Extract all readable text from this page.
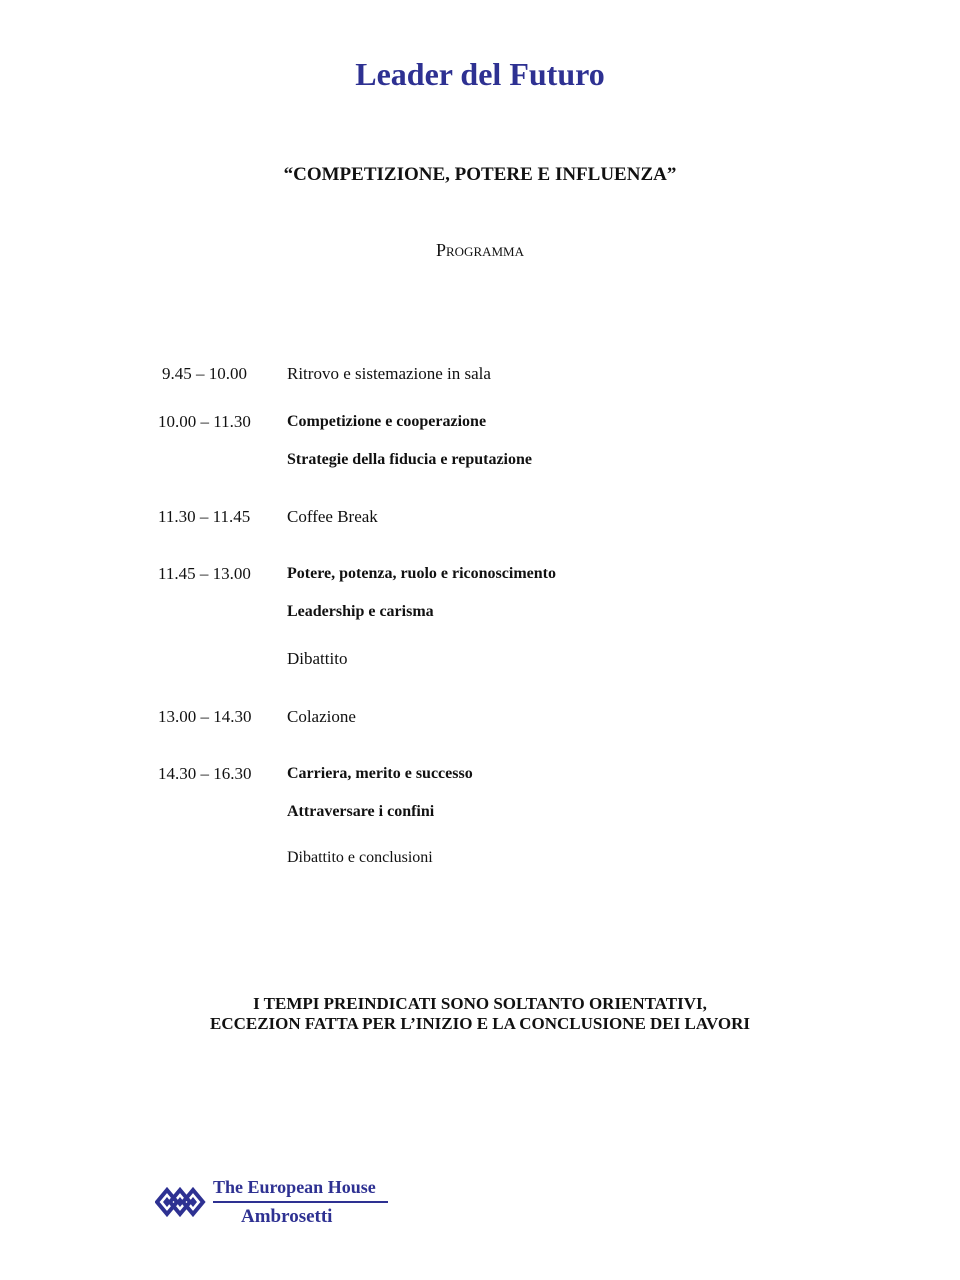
Leader del Futuro
“COMPETIZIONE, POTERE E INFLUENZA”
Programma
9.45 – 10.00	Ritrovo e sistemazione in sala
10.00 – 11.30	Competizione e cooperazione
Strategie della fiducia e reputazione
11.30 – 11.45	Coffee Break
11.45 – 13.00	Potere, potenza, ruolo e riconoscimento
Leadership e carisma
Dibattito
13.00 – 14.30	Colazione
14.30 – 16.30	Carriera, merito e successo
Attraversare i confini
Dibattito e conclusioni
I TEMPI PREINDICATI SONO SOLTANTO ORIENTATIVI,
ECCEZION FATTA PER L’INIZIO E LA CONCLUSIONE DEI LAVORI
The European House
Ambrosetti
